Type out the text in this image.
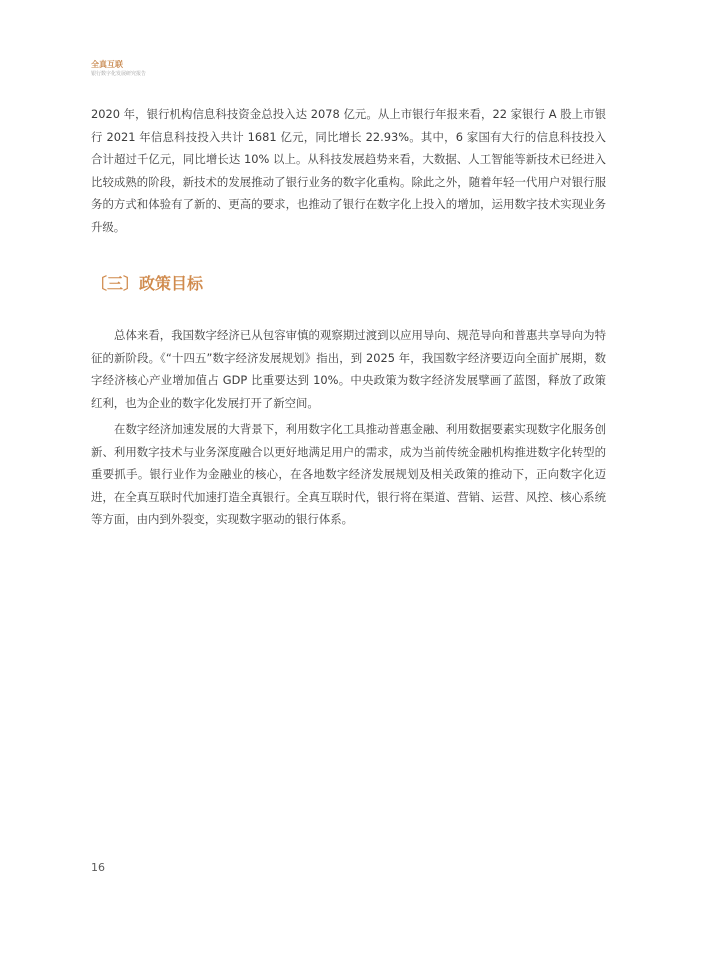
全真互联
银行数字化发展研究报告
2020 年，银行机构信息科技资金总投入达 2078 亿元。从上市银行年报来看，22 家银行 A 股上市银行 2021 年信息科技投入共计 1681 亿元，同比增长 22.93%。其中，6 家国有大行的信息科技投入合计超过千亿元，同比增长达 10% 以上。从科技发展趋势来看，大数据、人工智能等新技术已经进入比较成熟的阶段，新技术的发展推动了银行业务的数字化重构。除此之外，随着年轻一代用户对银行服务的方式和体验有了新的、更高的要求，也推动了银行在数字化上投入的增加，运用数字技术实现业务升级。
〔三〕政策目标
总体来看，我国数字经济已从包容审慎的观察期过渡到以应用导向、规范导向和普惠共享导向为特征的新阶段。《“十四五”数字经济发展规划》指出，到 2025 年，我国数字经济要迈向全面扩展期，数字经济核心产业增加值占 GDP 比重要达到 10%。中央政策为数字经济发展擘画了蓝图，释放了政策红利，也为企业的数字化发展打开了新空间。
在数字经济加速发展的大背景下，利用数字化工具推动普惠金融、利用数据要素实现数字化服务创新、利用数字技术与业务深度融合以更好地满足用户的需求，成为当前传统金融机构推进数字化转型的重要抓手。银行业作为金融业的核心，在各地数字经济发展规划及相关政策的推动下，正向数字化迈进，在全真互联时代加速打造全真银行。全真互联时代，银行将在渠道、营销、运营、风控、核心系统等方面，由内到外裂变，实现数字驱动的银行体系。
16
